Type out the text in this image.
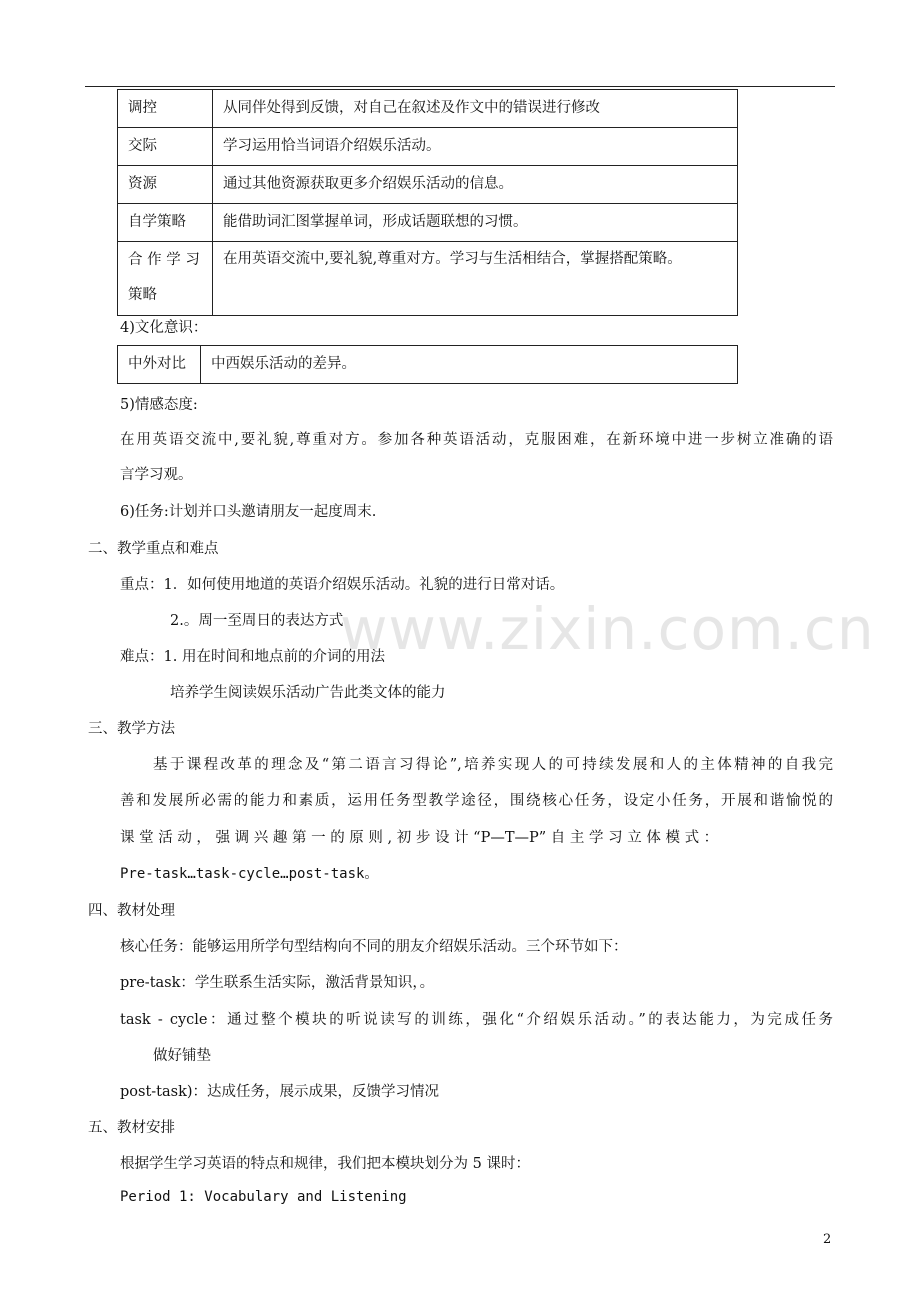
调控	从同伴处得到反馈，对自己在叙述及作文中的错误进行修改
交际	学习运用恰当词语介绍娱乐活动。
资源	通过其他资源获取更多介绍娱乐活动的信息。
自学策略	能借助词汇图掌握单词，形成话题联想的习惯。

合 作 学 习
策略	在用英语交流中,要礼貌,尊重对方。学习与生活相结合，掌握搭配策略。
4)文化意识：
中外对比	中西娱乐活动的差异。
5)情感态度:
在用英语交流中,要礼貌,尊重对方。参加各种英语活动，克服困难，在新环境中进一步树立准确的语
言学习观。
6)任务:计划并口头邀请朋友一起度周末.
二、教学重点和难点
重点：1．如何使用地道的英语介绍娱乐活动。礼貌的进行日常对话。
2.。周一至周日的表达方式
难点：1. 用在时间和地点前的介词的用法
培养学生阅读娱乐活动广告此类文体的能力
三、教学方法
基于课程改革的理念及“第二语言习得论”,培养实现人的可持续发展和人的主体精神的自我完
善和发展所必需的能力和素质，运用任务型教学途径，围绕核心任务，设定小任务，开展和谐愉悦的
课 堂 活 动 ， 强 调 兴 趣 第 一 的 原 则 , 初 步 设 计 “P—T—P” 自 主 学 习 立 体 模 式 ：
Pre-task…task-cycle…post-task。
四、教材处理
核心任务：能够运用所学句型结构向不同的朋友介绍娱乐活动。三个环节如下：
pre-task：学生联系生活实际，激活背景知识，。
task - cycle：通过整个模块的听说读写的训练，强化“介绍娱乐活动。”的表达能力，为完成任务
做好铺垫
post-task)：达成任务，展示成果，反馈学习情况
五、教材安排
根据学生学习英语的特点和规律，我们把本模块划分为 5 课时：
Period 1: Vocabulary and Listening
www.zixin.com.cn
2
